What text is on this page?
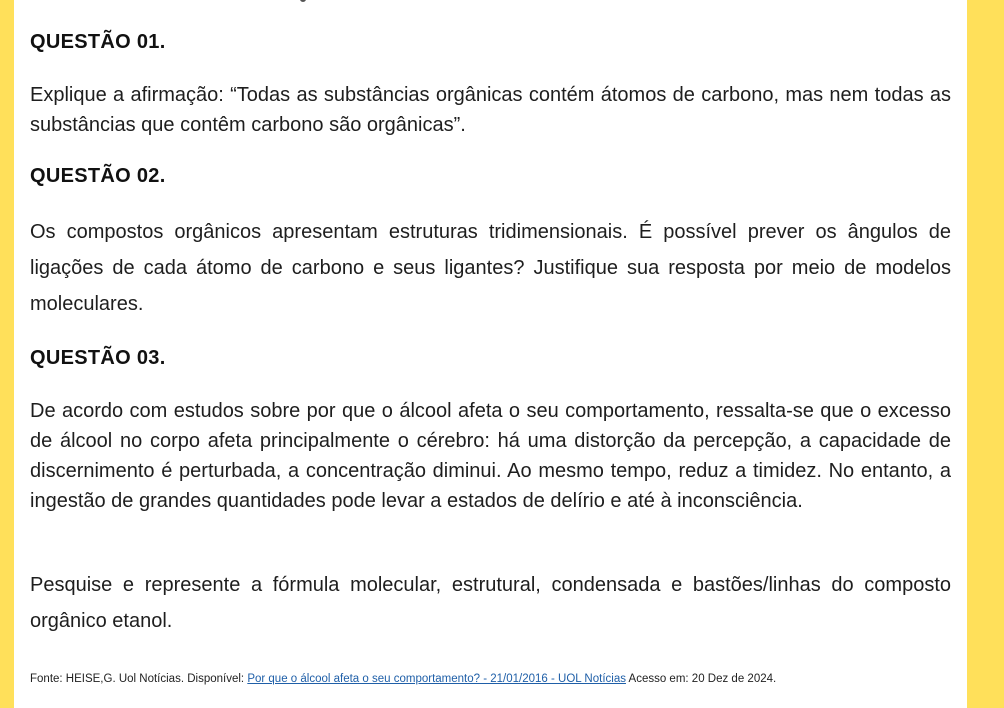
QUESTÃO 01.
Explique a afirmação: “Todas as substâncias orgânicas contém átomos de carbono, mas nem todas as substâncias que contêm carbono são orgânicas”.
QUESTÃO 02.
Os compostos orgânicos apresentam estruturas tridimensionais. É possível prever os ângulos de ligações de cada átomo de carbono e seus ligantes? Justifique sua resposta por meio de modelos moleculares.
QUESTÃO 03.
De acordo com estudos sobre por que o álcool afeta o seu comportamento, ressalta-se que o excesso de álcool no corpo afeta principalmente o cérebro: há uma distorção da percepção, a capacidade de discernimento é perturbada, a concentração diminui. Ao mesmo tempo, reduz a timidez. No entanto, a ingestão de grandes quantidades pode levar a estados de delírio e até à inconsciência.
Pesquise e represente a fórmula molecular, estrutural, condensada e bastões/linhas do composto orgânico etanol.
Fonte: HEISE,G. Uol Notícias. Disponível: Por que o álcool afeta o seu comportamento? - 21/01/2016 - UOL Notícias Acesso em: 20 Dez de 2024.
